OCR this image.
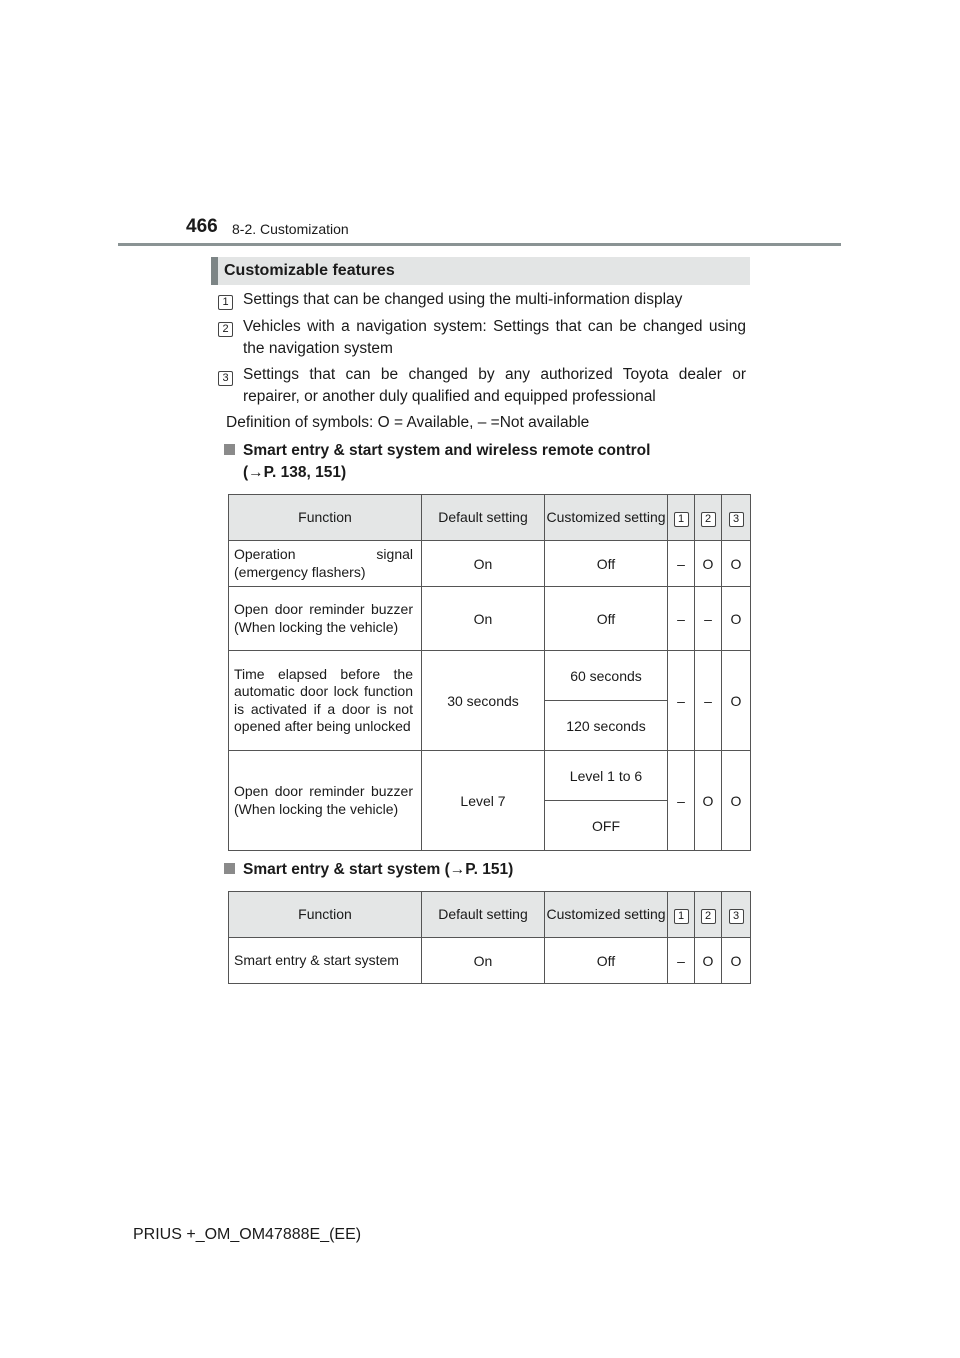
466 8-2. Customization
Customizable features
1 Settings that can be changed using the multi-information display
2 Vehicles with a navigation system: Settings that can be changed using the navigation system
3 Settings that can be changed by any authorized Toyota dealer or repairer, or another duly qualified and equipped professional
Definition of symbols: O = Available, – =Not available
Smart entry & start system and wireless remote control
(→P. 138, 151)
Function	Default setting	Customized setting	1	2	3
Operation signal (emergency flashers)	On	Off	–	O	O
Open door reminder buzzer (When locking the vehicle)	On	Off	–	–	O
Time elapsed before the automatic door lock function is activated if a door is not opened after being unlocked	30 seconds	60 seconds	–	–	O
		120 seconds			
Open door reminder buzzer (When locking the vehicle)	Level 7	Level 1 to 6	–	O	O
		OFF			
Smart entry & start system (→P. 151)
Function	Default setting	Customized setting	1	2	3
Smart entry & start system	On	Off	–	O	O
PRIUS +_OM_OM47888E_(EE)
